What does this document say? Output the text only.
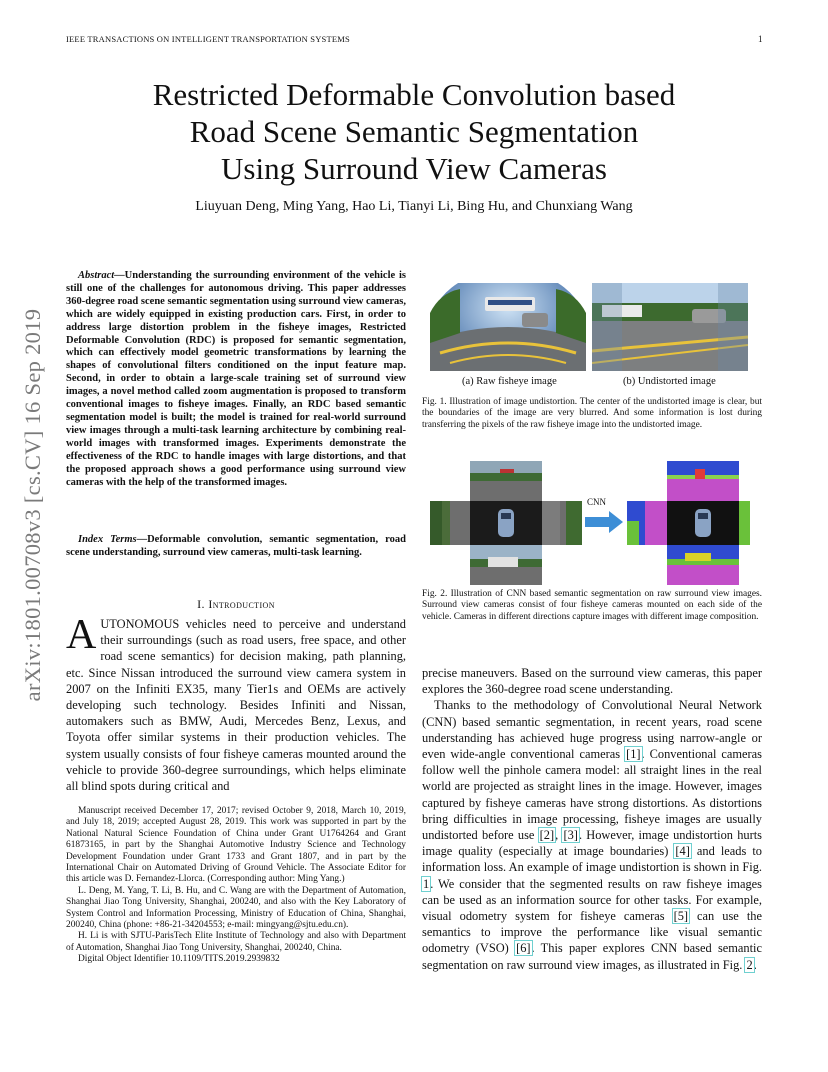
IEEE TRANSACTIONS ON INTELLIGENT TRANSPORTATION SYSTEMS	1
arXiv:1801.00708v3 [cs.CV] 16 Sep 2019
Restricted Deformable Convolution based
Road Scene Semantic Segmentation
Using Surround View Cameras
Liuyuan Deng, Ming Yang, Hao Li, Tianyi Li, Bing Hu, and Chunxiang Wang
Abstract—Understanding the surrounding environment of the vehicle is still one of the challenges for autonomous driving. This paper addresses 360-degree road scene semantic segmentation using surround view cameras, which are widely equipped in existing production cars. First, in order to address large distortion problem in the fisheye images, Restricted Deformable Convolution (RDC) is proposed for semantic segmentation, which can effectively model geometric transformations by learning the shapes of convolutional filters conditioned on the input feature map. Second, in order to obtain a large-scale training set of surround view images, a novel method called zoom augmentation is proposed to transform conventional images to fisheye images. Finally, an RDC based semantic segmentation model is built; the model is trained for real-world surround view images through a multi-task learning architecture by combining real-world images with transformed images. Experiments demonstrate the effectiveness of the RDC to handle images with large distortions, and that the proposed approach shows a good performance using surround view cameras with the help of the transformed images.
Index Terms—Deformable convolution, semantic segmentation, road scene understanding, surround view cameras, multi-task learning.
I. Introduction
AUTONOMOUS vehicles need to perceive and understand their surroundings (such as road users, free space, and other road scene semantics) for decision making, path planning, etc. Since Nissan introduced the surround view camera system in 2007 on the Infiniti EX35, many Tier1s and OEMs are actively developing such technology. Besides Infiniti and Nissan, automakers such as BMW, Audi, Mercedes Benz, Lexus, and Toyota offer similar systems in their production vehicles. The system usually consists of four fisheye cameras mounted around the vehicle to provide 360-degree surroundings, which helps eliminate all blind spots during critical and

Manuscript received December 17, 2017; revised October 9, 2018, March 10, 2019, and July 18, 2019; accepted August 28, 2019. This work was supported in part by the National Natural Science Foundation of China under Grant U1764264 and Grant 61873165, in part by the Shanghai Automotive Industry Science and Technology Development Foundation under Grant 1733 and Grant 1807, and in part by the International Chair on Automated Driving of Ground Vehicle. The Associate Editor for this article was D. Fernandez-Llorca. (Corresponding author: Ming Yang.)

L. Deng, M. Yang, T. Li, B. Hu, and C. Wang are with the Department of Automation, Shanghai Jiao Tong University, Shanghai, 200240, and also with the Key Laboratory of System Control and Information Processing, Ministry of Education of China, Shanghai, 200240, China (phone: +86-21-34204553; e-mail: mingyang@sjtu.edu.cn).

H. Li is with SJTU-ParisTech Elite Institute of Technology and also with Department of Automation, Shanghai Jiao Tong University, Shanghai, 200240, China.

Digital Object Identifier 10.1109/TITS.2019.2939832

(a) Raw fisheye image	(b) Undistorted image
Fig. 1. Illustration of image undistortion. The center of the undistorted image is clear, but the boundaries of the image are very blurred. And some information is lost during transferring the pixels of the raw fisheye image into the undistorted image.
CNN
Fig. 2. Illustration of CNN based semantic segmentation on raw surround view images. Surround view cameras consist of four fisheye cameras mounted on each side of the vehicle. Cameras in different directions capture images with different image composition.

precise maneuvers. Based on the surround view cameras, this paper explores the 360-degree road scene understanding.

Thanks to the methodology of Convolutional Neural Network (CNN) based semantic segmentation, in recent years, road scene understanding has achieved huge progress using narrow-angle or even wide-angle conventional cameras [1]. Conventional cameras follow well the pinhole camera model: all straight lines in the real world are projected as straight lines in the image. However, images captured by fisheye cameras have strong distortions. As distortions bring difficulties in image processing, fisheye images are usually undistorted before use [2], [3]. However, image undistortion hurts image quality (especially at image boundaries) [4] and leads to information loss. An example of image undistortion is shown in Fig. 1. We consider that the segmented results on raw fisheye images can be used as an information source for other tasks. For example, visual odometry system for fisheye cameras [5] can use the semantics to improve the performance like visual semantic odometry (VSO) [6]. This paper explores CNN based semantic segmentation on raw surround view images, as illustrated in Fig. 2.
